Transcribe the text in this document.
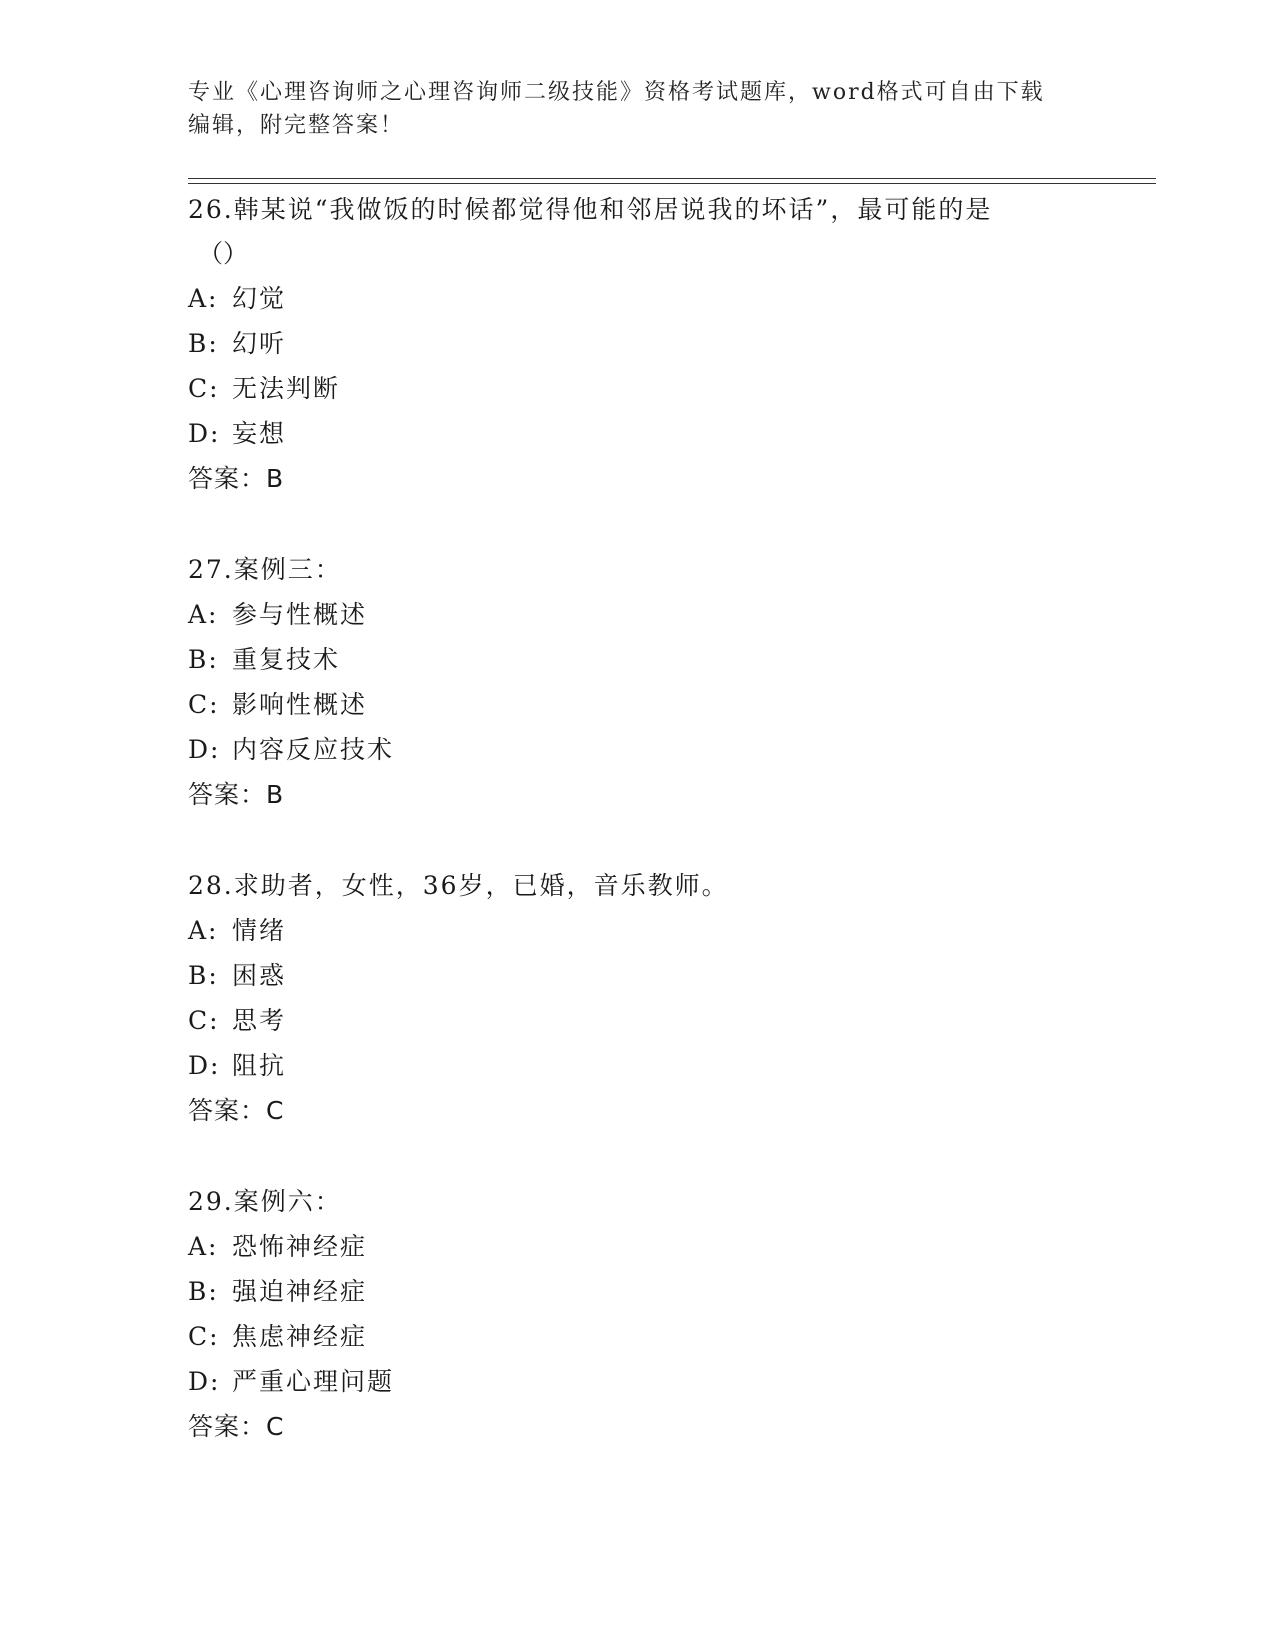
专业《心理咨询师之心理咨询师二级技能》资格考试题库，word格式可自由下载
编辑，附完整答案！

26.韩某说“我做饭的时候都觉得他和邻居说我的坏话”，最可能的是

（）

A: 幻觉

B: 幻听

C: 无法判断

D: 妄想

答案：B

27.案例三：

A: 参与性概述

B: 重复技术

C: 影响性概述

D: 内容反应技术

答案：B

28.求助者，女性，36岁，已婚，音乐教师。

A: 情绪

B: 困惑

C: 思考

D: 阻抗

答案：C

29.案例六：

A: 恐怖神经症

B: 强迫神经症

C: 焦虑神经症

D: 严重心理问题

答案：C
